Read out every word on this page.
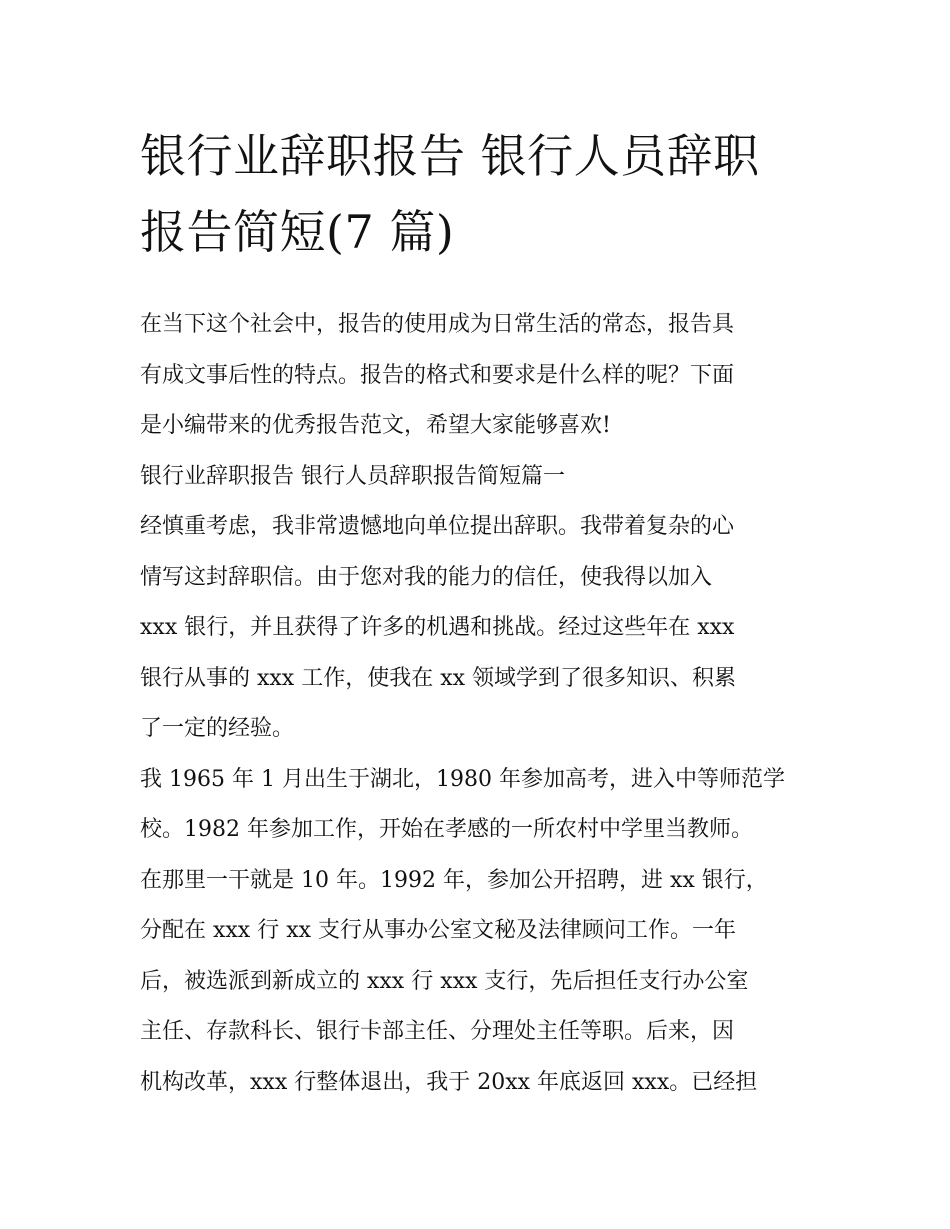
银行业辞职报告 银行人员辞职
报告简短(7 篇)

在当下这个社会中，报告的使用成为日常生活的常态，报告具

有成文事后性的特点。报告的格式和要求是什么样的呢？下面

是小编带来的优秀报告范文，希望大家能够喜欢!

银行业辞职报告 银行人员辞职报告简短篇一

经慎重考虑，我非常遗憾地向单位提出辞职。我带着复杂的心

情写这封辞职信。由于您对我的能力的信任，使我得以加入

xxx 银行，并且获得了许多的机遇和挑战。经过这些年在 xxx

银行从事的 xxx 工作，使我在 xx 领域学到了很多知识、积累

了一定的经验。

我 1965 年 1 月出生于湖北，1980 年参加高考，进入中等师范学

校。1982 年参加工作，开始在孝感的一所农村中学里当教师。

在那里一干就是 10 年。1992 年，参加公开招聘，进 xx 银行，

分配在 xxx 行 xx 支行从事办公室文秘及法律顾问工作。一年

后，被选派到新成立的 xxx 行 xxx 支行，先后担任支行办公室

主任、存款科长、银行卡部主任、分理处主任等职。后来，因

机构改革，xxx 行整体退出，我于 20xx 年底返回 xxx。已经担
